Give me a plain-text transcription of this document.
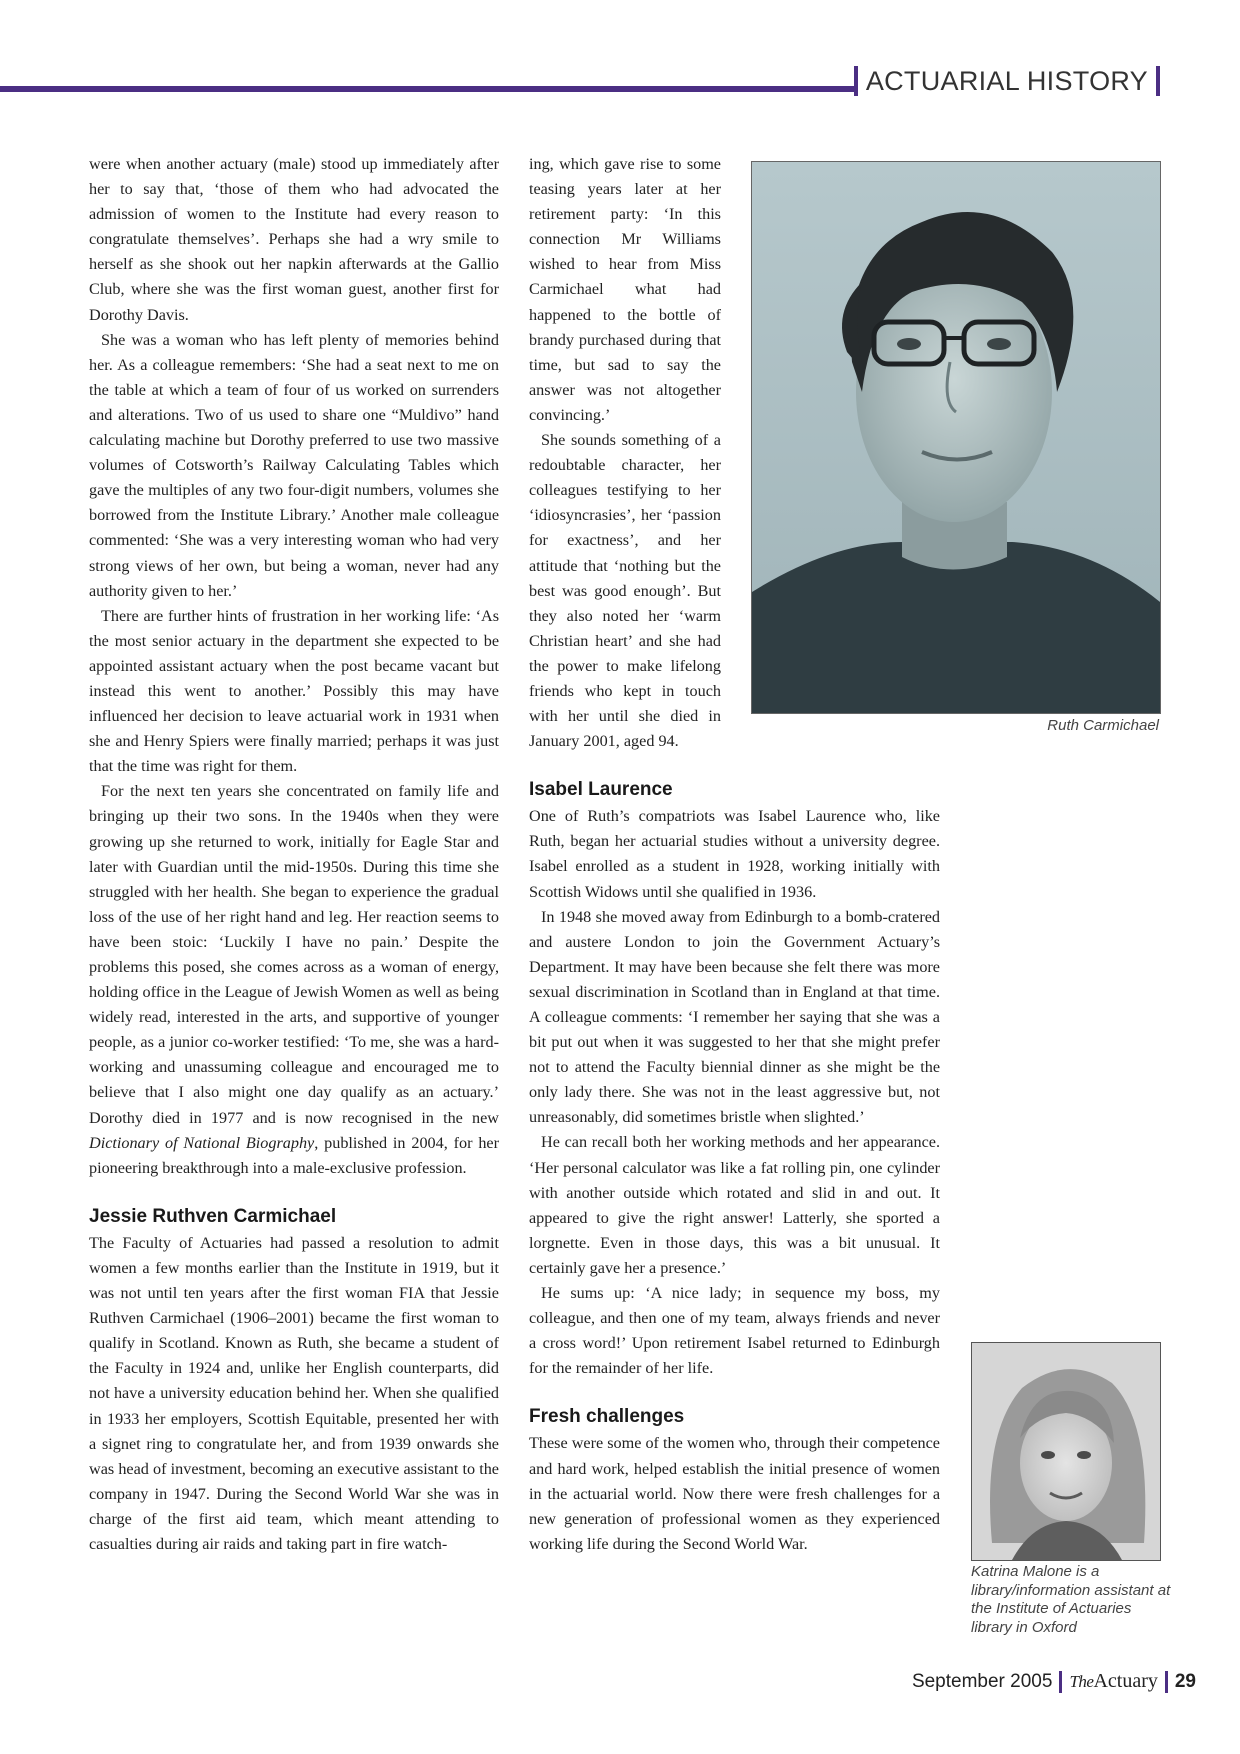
ACTUARIAL HISTORY

were when another actuary (male) stood up immediately after her to say that, ‘those of them who had advocated the admission of women to the Institute had every reason to congratulate themselves’. Perhaps she had a wry smile to herself as she shook out her napkin afterwards at the Gallio Club, where she was the first woman guest, another first for Dorothy Davis.

She was a woman who has left plenty of memories behind her. As a colleague remembers: ‘She had a seat next to me on the table at which a team of four of us worked on surrenders and alterations. Two of us used to share one “Muldivo” hand calculating machine but Dorothy preferred to use two massive volumes of Cotsworth’s Railway Calculating Tables which gave the multiples of any two four-digit numbers, volumes she borrowed from the Institute Library.’ Another male colleague commented: ‘She was a very interesting woman who had very strong views of her own, but being a woman, never had any authority given to her.’

There are further hints of frustration in her working life: ‘As the most senior actuary in the department she expected to be appointed assistant actuary when the post became vacant but instead this went to another.’ Possibly this may have influenced her decision to leave actuarial work in 1931 when she and Henry Spiers were finally married; perhaps it was just that the time was right for them.

For the next ten years she concentrated on family life and bringing up their two sons. In the 1940s when they were growing up she returned to work, initially for Eagle Star and later with Guardian until the mid-1950s. During this time she struggled with her health. She began to experience the gradual loss of the use of her right hand and leg. Her reaction seems to have been stoic: ‘Luckily I have no pain.’ Despite the problems this posed, she comes across as a woman of energy, holding office in the League of Jewish Women as well as being widely read, interested in the arts, and supportive of younger people, as a junior co-worker testified: ‘To me, she was a hard-working and unassuming colleague and encouraged me to believe that I also might one day qualify as an actuary.’ Dorothy died in 1977 and is now recognised in the new Dictionary of National Biography, published in 2004, for her pioneering breakthrough into a male-exclusive profession.

Jessie Ruthven Carmichael

The Faculty of Actuaries had passed a resolution to admit women a few months earlier than the Institute in 1919, but it was not until ten years after the first woman FIA that Jessie Ruthven Carmichael (1906–2001) became the first woman to qualify in Scotland. Known as Ruth, she became a student of the Faculty in 1924 and, unlike her English counterparts, did not have a university education behind her. When she qualified in 1933 her employers, Scottish Equitable, presented her with a signet ring to congratulate her, and from 1939 onwards she was head of investment, becoming an executive assistant to the company in 1947. During the Second World War she was in charge of the first aid team, which meant attending to casualties during air raids and taking part in fire watch-

ing, which gave rise to some teasing years later at her retirement party: ‘In this connection Mr Williams wished to hear from Miss Carmichael what had happened to the bottle of brandy purchased during that time, but sad to say the answer was not altogether convincing.’

She sounds something of a redoubtable character, her colleagues testifying to her ‘idiosyncrasies’, her ‘passion for exactness’, and her attitude that ‘nothing but the best was good enough’. But they also noted her ‘warm Christian heart’ and she had the power to make lifelong friends who kept in touch with her until she died in January 2001, aged 94.

Isabel Laurence

One of Ruth’s compatriots was Isabel Laurence who, like Ruth, began her actuarial studies without a university degree. Isabel enrolled as a student in 1928, working initially with Scottish Widows until she qualified in 1936.

In 1948 she moved away from Edinburgh to a bomb-cratered and austere London to join the Government Actuary’s Department. It may have been because she felt there was more sexual discrimination in Scotland than in England at that time. A colleague comments: ‘I remember her saying that she was a bit put out when it was suggested to her that she might prefer not to attend the Faculty biennial dinner as she might be the only lady there. She was not in the least aggressive but, not unreasonably, did sometimes bristle when slighted.’

He can recall both her working methods and her appearance. ‘Her personal calculator was like a fat rolling pin, one cylinder with another outside which rotated and slid in and out. It appeared to give the right answer! Latterly, she sported a lorgnette. Even in those days, this was a bit unusual. It certainly gave her a presence.’

He sums up: ‘A nice lady; in sequence my boss, my colleague, and then one of my team, always friends and never a cross word!’ Upon retirement Isabel returned to Edinburgh for the remainder of her life.

Fresh challenges

These were some of the women who, through their competence and hard work, helped establish the initial presence of women in the actuarial world. Now there were fresh challenges for a new generation of professional women as they experienced working life during the Second World War.

Ruth Carmichael
Katrina Malone is a library/information assistant at the Institute of Actuaries library in Oxford
September 2005 The Actuary 29
